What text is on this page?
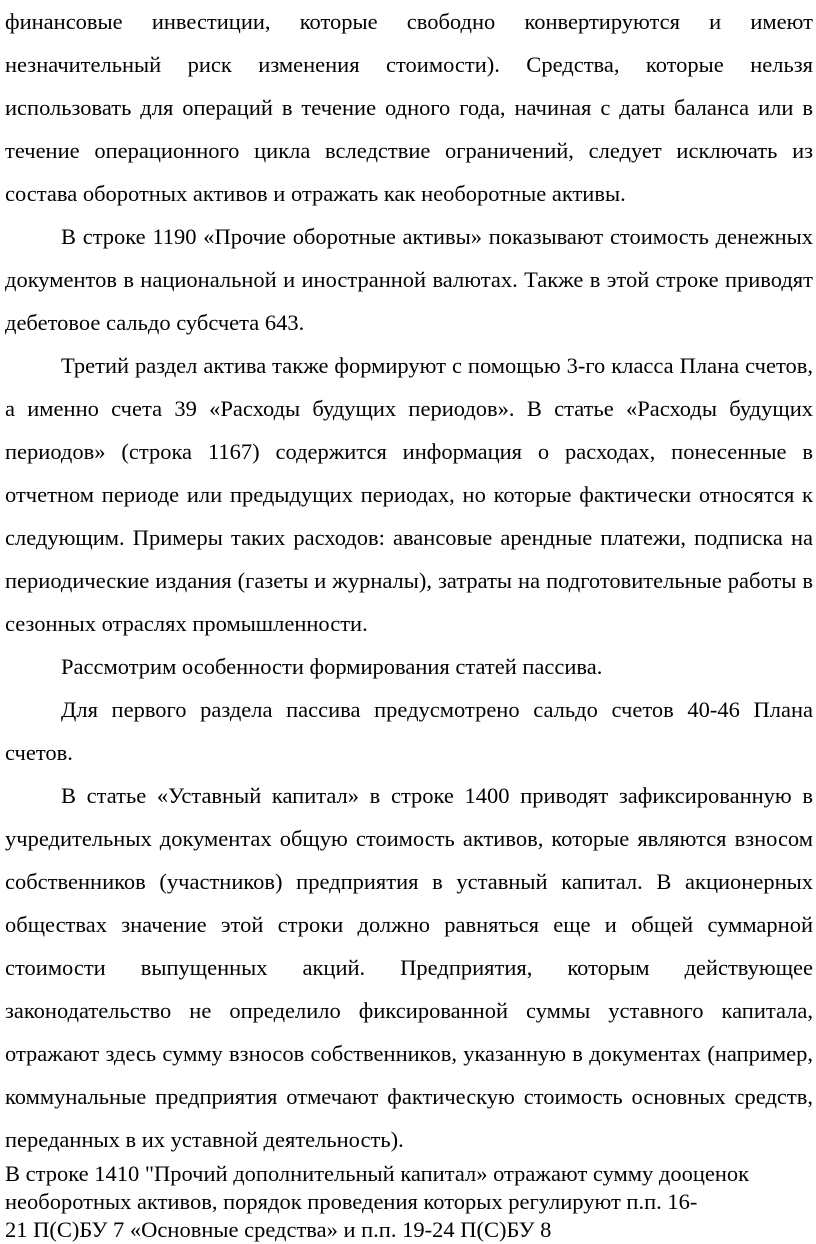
финансовые инвестиции, которые свободно конвертируются и имеют незначительный риск изменения стоимости). Средства, которые нельзя использовать для операций в течение одного года, начиная с даты баланса или в течение операционного цикла вследствие ограничений, следует исключать из состава оборотных активов и отражать как необоротные активы.

В строке 1190 «Прочие оборотные активы» показывают стоимость денежных документов в национальной и иностранной валютах. Также в этой строке приводят дебетовое сальдо субсчета 643.

Третий раздел актива также формируют с помощью 3-го класса Плана счетов, а именно счета 39 «Расходы будущих периодов». В статье «Расходы будущих периодов» (строка 1167) содержится информация о расходах, понесенные в отчетном периоде или предыдущих периодах, но которые фактически относятся к следующим. Примеры таких расходов: авансовые арендные платежи, подписка на периодические издания (газеты и журналы), затраты на подготовительные работы в сезонных отраслях промышленности.

Рассмотрим особенности формирования статей пассива.

Для первого раздела пассива предусмотрено сальдо счетов 40-46 Плана счетов.

В статье «Уставный капитал» в строке 1400 приводят зафиксированную в учредительных документах общую стоимость активов, которые являются взносом собственников (участников) предприятия в уставный капитал. В акционерных обществах значение этой строки должно равняться еще и общей суммарной стоимости выпущенных акций. Предприятия, которым действующее законодательство не определило фиксированной суммы уставного капитала, отражают здесь сумму взносов собственников, указанную в документах (например, коммунальные предприятия отмечают фактическую стоимость основных средств, переданных в их уставной деятельность).

В строке 1410 "Прочий дополнительный капитал» отражают сумму дооценок
необоротных активов, порядок проведения которых регулируют п.п. 16-
21 П(С)БУ 7 «Основные средства» и п.п. 19-24 П(С)БУ 8
